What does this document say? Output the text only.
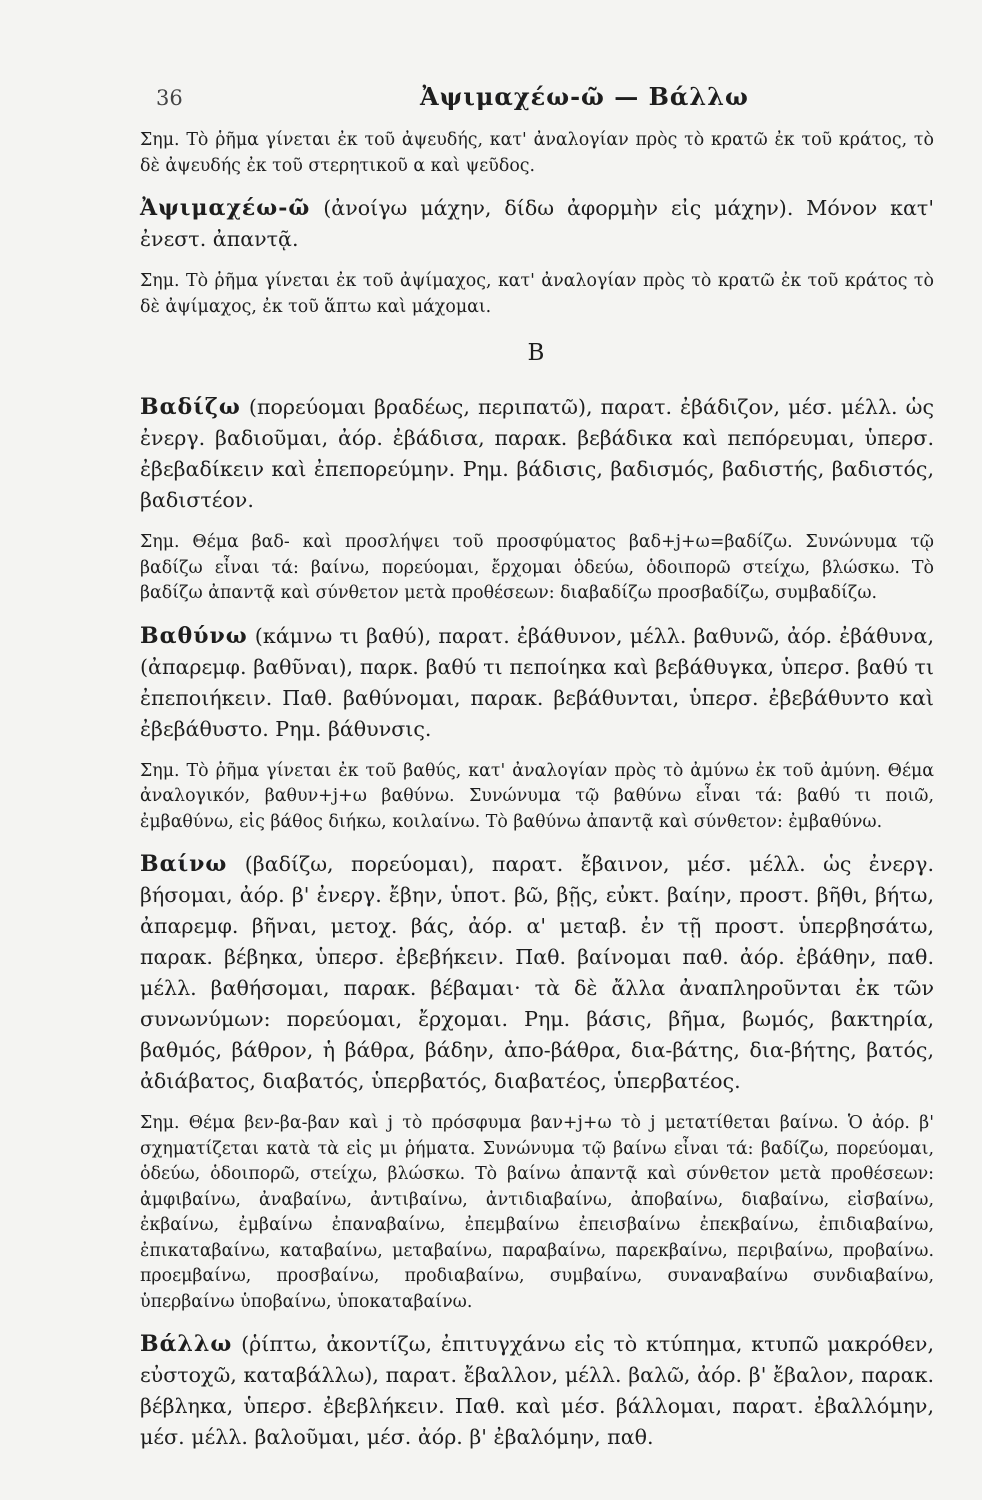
36	Ἀψιμαχέω-ῶ — Βάλλω

Σημ. Τὸ ῥῆμα γίνεται ἐκ τοῦ ἀψευδής, κατ' ἀναλογίαν πρὸς τὸ κρατῶ ἐκ τοῦ κράτος, τὸ δὲ ἀψευδής ἐκ τοῦ στερητικοῦ α καὶ ψεῦδος.

Ἀψιμαχέω-ῶ (ἀνοίγω μάχην, δίδω ἀφορμὴν εἰς μάχην). Μόνον κατ' ἐνεστ. ἀπαντᾷ.

Σημ. Τὸ ῥῆμα γίνεται ἐκ τοῦ ἀψίμαχος, κατ' ἀναλογίαν πρὸς τὸ κρατῶ ἐκ τοῦ κράτος τὸ δὲ ἀψίμαχος, ἐκ τοῦ ἅπτω καὶ μάχομαι.

Β

Βαδίζω (πορεύομαι βραδέως, περιπατῶ), παρατ. ἐβάδιζον, μέσ. μέλλ. ὡς ἐνεργ. βαδιοῦμαι, ἀόρ. ἐβάδισα, παρακ. βεβάδικα καὶ πεπόρευμαι, ὑπερσ. ἐβεβαδίκειν καὶ ἐπεπορεύμην. Ρημ. βάδισις, βαδισμός, βαδιστής, βαδιστός, βαδιστέον.

Σημ. Θέμα βαδ- καὶ προσλήψει τοῦ προσφύματος βαδ+j+ω=βαδίζω. Συνώνυμα τῷ βαδίζω εἶναι τά: βαίνω, πορεύομαι, ἔρχομαι ὁδεύω, ὁδοιπορῶ στείχω, βλώσκω. Τὸ βαδίζω ἀπαντᾷ καὶ σύνθετον μετὰ προθέσεων: διαβαδίζω προσβαδίζω, συμβαδίζω.

Βαθύνω (κάμνω τι βαθύ), παρατ. ἐβάθυνον, μέλλ. βαθυνῶ, ἀόρ. ἐβάθυνα, (ἀπαρεμφ. βαθῦναι), παρκ. βαθύ τι πεποίηκα καὶ βεβάθυγκα, ὑπερσ. βαθύ τι ἐπεποιήκειν. Παθ. βαθύνομαι, παρακ. βεβάθυνται, ὑπερσ. ἐβεβάθυντο καὶ ἐβεβάθυστο. Ρημ. βάθυνσις.

Σημ. Τὸ ῥῆμα γίνεται ἐκ τοῦ βαθύς, κατ' ἀναλογίαν πρὸς τὸ ἀμύνω ἐκ τοῦ ἀμύνη. Θέμα ἀναλογικόν, βαθυν+j+ω βαθύνω. Συνώνυμα τῷ βαθύνω εἶναι τά: βαθύ τι ποιῶ, ἐμβαθύνω, εἰς βάθος διήκω, κοιλαίνω. Τὸ βαθύνω ἀπαντᾷ καὶ σύνθετον: ἐμβαθύνω.

Βαίνω (βαδίζω, πορεύομαι), παρατ. ἔβαινον, μέσ. μέλλ. ὡς ἐνεργ. βήσομαι, ἀόρ. β' ἐνεργ. ἔβην, ὑποτ. βῶ, βῇς, εὐκτ. βαίην, προστ. βῆθι, βήτω, ἀπαρεμφ. βῆναι, μετοχ. βάς, ἀόρ. α' μεταβ. ἐν τῇ προστ. ὑπερβησάτω, παρακ. βέβηκα, ὑπερσ. ἐβεβήκειν. Παθ. βαίνομαι παθ. ἀόρ. ἐβάθην, παθ. μέλλ. βαθήσομαι, παρακ. βέβαμαι· τὰ δὲ ἄλλα ἀναπληροῦνται ἐκ τῶν συνωνύμων: πορεύομαι, ἔρχομαι. Ρημ. βάσις, βῆμα, βωμός, βακτηρία, βαθμός, βάθρον, ἡ βάθρα, βάδην, ἀπο-βάθρα, δια-βάτης, δια-βήτης, βατός, ἀδιάβατος, διαβατός, ὑπερβατός, διαβατέος, ὑπερβατέος.

Σημ. Θέμα βεν-βα-βαν καὶ j τὸ πρόσφυμα βαν+j+ω τὸ j μετατίθεται βαίνω. Ὁ ἀόρ. β' σχηματίζεται κατὰ τὰ εἰς μι ῥήματα. Συνώνυμα τῷ βαίνω εἶναι τά: βαδίζω, πορεύομαι, ὁδεύω, ὁδοιπορῶ, στείχω, βλώσκω. Τὸ βαίνω ἀπαντᾷ καὶ σύνθετον μετὰ προθέσεων: ἀμφιβαίνω, ἀναβαίνω, ἀντιβαίνω, ἀντιδιαβαίνω, ἀποβαίνω, διαβαίνω, εἰσβαίνω, ἐκβαίνω, ἐμβαίνω ἐπαναβαίνω, ἐπεμβαίνω ἐπεισβαίνω ἐπεκβαίνω, ἐπιδιαβαίνω, ἐπικαταβαίνω, καταβαίνω, μεταβαίνω, παραβαίνω, παρεκβαίνω, περιβαίνω, προβαίνω. προεμβαίνω, προσβαίνω, προδιαβαίνω, συμβαίνω, συναναβαίνω συνδιαβαίνω, ὑπερβαίνω ὑποβαίνω, ὑποκαταβαίνω.

Βάλλω (ῥίπτω, ἀκοντίζω, ἐπιτυγχάνω εἰς τὸ κτύπημα, κτυπῶ μακρόθεν, εὐστοχῶ, καταβάλλω), παρατ. ἔβαλλον, μέλλ. βαλῶ, ἀόρ. β' ἔβαλον, παρακ. βέβληκα, ὑπερσ. ἐβεβλήκειν. Παθ. καὶ μέσ. βάλλομαι, παρατ. ἐβαλλόμην, μέσ. μέλλ. βαλοῦμαι, μέσ. ἀόρ. β' ἐβαλόμην, παθ.
